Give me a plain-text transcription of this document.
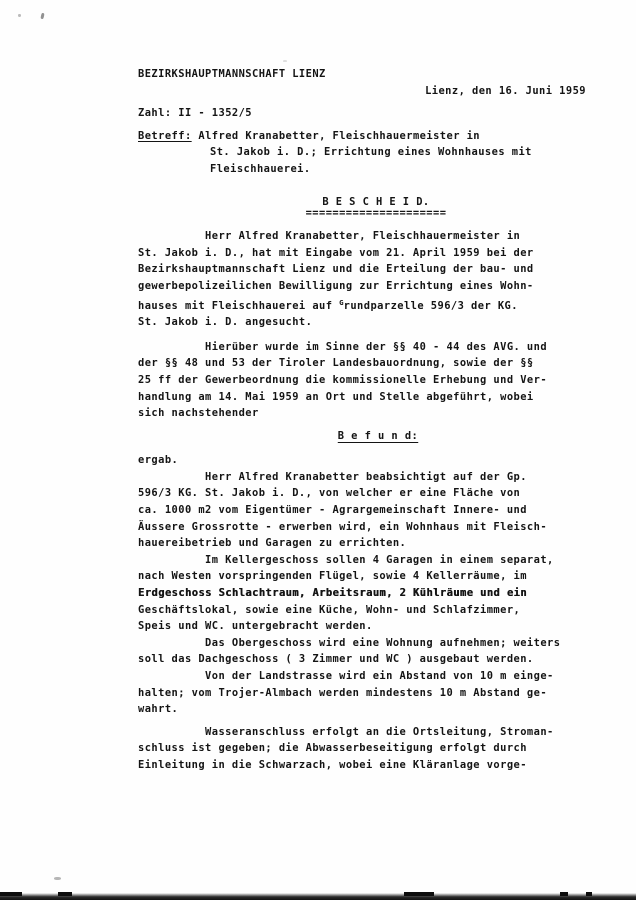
BEZIRKSHAUPTMANNSCHAFT LIENZ
Lienz, den 16. Juni 1959
Zahl:
II - 1352/5
Betreff:
Alfred Kranabetter, Fleischhauermeister in
St. Jakob i. D.; Errichtung eines Wohnhauses mit
Fleischhauerei.
B E S C H E I D.
=====================
Herr Alfred Kranabetter, Fleischhauermeister in
St. Jakob i. D., hat mit Eingabe vom 21. April 1959 bei der
Bezirkshauptmannschaft Lienz und die Erteilung der bau- und
gewerbepolizeilichen Bewilligung zur Errichtung eines Wohn-
hauses mit Fleischhauerei auf $^G$rundparzelle 596/3 der KG.
St. Jakob i. D. angesucht.
Hierüber wurde im Sinne der §§ 40 - 44 des AVG. und
der §§ 48 und 53 der Tiroler Landesbauordnung, sowie der §§
25 ff der Gewerbeordnung die kommissionelle Erhebung und Ver-
handlung am 14. Mai 1959 an Ort und Stelle abgeführt, wobei
sich nachstehender
B e f u n d:
ergab.
Herr Alfred Kranabetter beabsichtigt auf der Gp.
596/3 KG. St. Jakob i. D., von welcher er eine Fläche von
ca. 1000 m2 vom Eigentümer - Agrargemeinschaft Innere- und
Äussere Grossrotte - erwerben wird, ein Wohnhaus mit Fleisch-
hauereibetrieb und Garagen zu errichten.
Im Kellergeschoss sollen 4 Garagen in einem separat,
nach Westen vorspringenden Flügel, sowie 4 Kellerräume, im
Erdgeschoss Schlachtraum, Arbeitsraum, 2 Kühlräume und ein
Geschäftslokal, sowie eine Küche, Wohn- und Schlafzimmer,
Speis und WC. untergebracht werden.
Das Obergeschoss wird eine Wohnung aufnehmen; weiters
soll das Dachgeschoss ( 3 Zimmer und WC ) ausgebaut werden.
Von der Landstrasse wird ein Abstand von 10 m einge-
halten; vom Trojer-Almbach werden mindestens 10 m Abstand ge-
wahrt.
Wasseranschluss erfolgt an die Ortsleitung, Stroman-
schluss ist gegeben; die Abwasserbeseitigung erfolgt durch
Einleitung in die Schwarzach, wobei eine Kläranlage vorge-
